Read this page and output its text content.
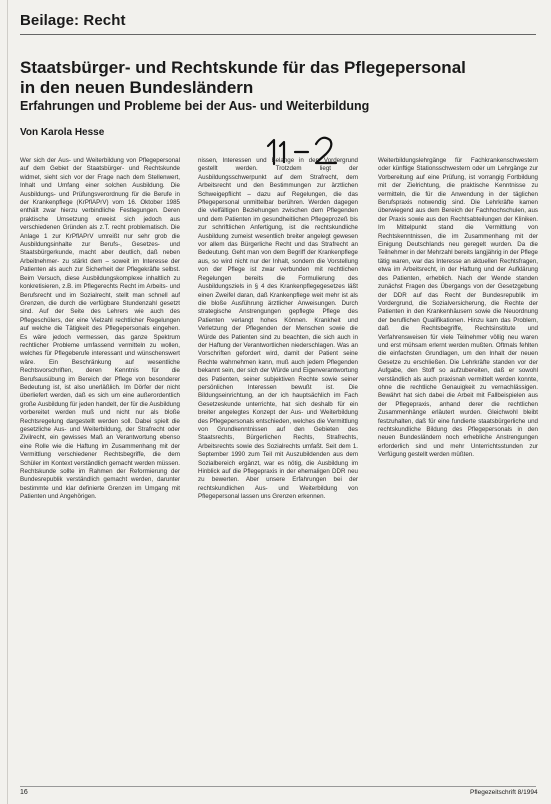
Beilage: Recht
Staatsbürger- und Rechtskunde für das Pflegepersonal
in den neuen Bundesländern
Erfahrungen und Probleme bei der Aus- und Weiterbildung
Von Karola Hesse

Wer sich der Aus- und Weiterbildung von Pflegepersonal auf dem Gebiet der Staatsbürger- und Rechtskunde widmet, sieht sich vor der Frage nach dem Stellenwert, Inhalt und Umfang einer solchen Ausbildung. Die Ausbildungs- und Prüfungsverordnung für die Berufe in der Krankenpflege (KrPflAPrV) vom 16. Oktober 1985 enthält zwar hierzu verbindliche Festlegungen. Deren praktische Umsetzung erweist sich jedoch aus verschiedenen Gründen als z.T. recht problematisch. Die Anlage 1 zur KrPflAPrV umreißt nur sehr grob die Ausbildungsinhalte zur Berufs-, Gesetzes- und Staatsbürgerkunde, macht aber deutlich, daß neben Arbeitnehmer- zu stärkt dem – soweit im Interesse der Patienten als auch zur Sicherheit der Pflegekräfte selbst. Beim Versuch, diese Ausbildungskomplexe inhaltlich zu konkretisieren, z.B. im Pflegerechts Recht im Arbeits- und Berufsrecht und im Sozialrecht, stellt man schnell auf Grenzen, die durch die verfügbare Stundenzahl gesetzt sind. Auf der Seite des Lehrers wie auch des Pflegeschülers, der eine Vielzahl rechtlicher Regelungen auf welche die Tätigkeit des Pflegepersonals eingehen. Es wäre jedoch vermessen, das ganze Spektrum rechtlicher Probleme umfassend vermitteln zu wollen, welches für Pflegeberufe interessant und wünschenswert wäre. Ein Beschränkung auf wesentliche Rechtsvorschriften, deren Kenntnis für die Berufsausübung im Bereich der Pflege von besonderer Bedeutung ist, ist also unerläßlich. Im Dörfer der nicht überliefert werden, daß es sich um eine außerordentlich große Ausbildung für jeden handelt, der für die Ausbildung vorbereitet werden muß und nicht nur als bloße Rechtsregelung dargestellt werden soll. Dabei spielt die gesetzliche Aus- und Weiterbildung, der Strafrecht oder Zivilrecht, ein gewisses Maß an Verantwortung ebenso eine Rolle wie die Haftung im Zusammenhang mit der Vermittlung verschiedener Rechtsbegriffe, die dem Schüler im Kontext verständlich gemacht werden müssen. Rechtskunde sollte im Rahmen der Reformierung der Bundesrepublik verständlich gemacht werden, darunter bestimmte und klar definierte Grenzen im Umgang mit Patienten und Angehörigen.

nissen, Interessen und Belange in den Vordergrund gestellt werden. Trotzdem liegt der Ausbildungsschwerpunkt auf dem Strafrecht, dem Arbeitsrecht und den Bestimmungen zur ärztlichen Schweigepflicht – dazu auf Regelungen, die das Pflegepersonal unmittelbar berühren. Werden dagegen die vielfältigen Beziehungen zwischen dem Pflegenden und dem Patienten im gesundheitlichen Pflegeprozeß bis zur schriftlichen Anfertigung, ist die rechtskundliche Ausbildung zumeist wesentlich breiter angelegt gewesen vor allem das Bürgerliche Recht und das Strafrecht an Bedeutung. Geht man von dem Begriff der Krankenpflege aus, so wird nicht nur der Inhalt, sondern die Vorstellung von der Pflege ist zwar verbunden mit rechtlichen Regelungen bereits die Formulierung des Ausbildungsziels in § 4 des Krankenpflegegesetzes läßt einen Zweifel daran, daß Krankenpflege weit mehr ist als die bloße Ausführung ärztlicher Anweisungen. Durch strategische Anstrengungen gepflegte Pflege des Patienten verlangt hohes Können. Krankheit und Verletzung der Pflegenden der Menschen sowie die Würde des Patienten sind zu beachten, die sich auch in der Haftung der Verantwortlichen niederschlagen. Was an Vorschriften gefordert wird, damit der Patient seine Rechte wahrnehmen kann, muß auch jedem Pflegenden bekannt sein, der sich der Würde und Eigenverantwortung des Patienten, seiner subjektiven Rechte sowie seiner persönlichen Interessen bewußt ist. Die Bildungseinrichtung, an der ich hauptsächlich im Fach Gesetzeskunde unterrichte, hat sich deshalb für ein breiter angelegtes Konzept der Aus- und Weiterbildung des Pflegepersonals entschieden, welches die Vermittlung von Grundkenntnissen auf den Gebieten des Staatsrechts, Bürgerlichen Rechts, Strafrechts, Arbeitsrechts sowie des Sozialrechts umfaßt. Seit dem 1. September 1990 zum Teil mit Auszubildenden aus dem Sozialbereich ergänzt, war es nötig, die Ausbildung im Hinblick auf die Pflegepraxis in der ehemaligen DDR neu zu bewerten. Aber unsere Erfahrungen bei der rechtskundlichen Aus- und Weiterbildung von Pflegepersonal lassen uns Grenzen erkennen.

Weiterbildungslehrgänge für Fachkrankenschwestern oder künftige Stationsschwestern oder um Lehrgänge zur Vorbereitung auf eine Prüfung, ist vorrangig Fortbildung mit der Zielrichtung, die praktische Kenntnisse zu vermitteln, die für die Anwendung in der täglichen Berufspraxis notwendig sind. Die Lehrkräfte kamen überwiegend aus dem Bereich der Fachhochschulen, aus der Praxis sowie aus den Rechtsabteilungen der Kliniken. Im Mittelpunkt stand die Vermittlung von Rechtskenntnissen, die im Zusammenhang mit der Einigung Deutschlands neu geregelt wurden. Da die Teilnehmer in der Mehrzahl bereits langjährig in der Pflege tätig waren, war das Interesse an aktuellen Rechtsfragen, etwa im Arbeitsrecht, in der Haftung und der Aufklärung des Patienten, erheblich. Nach der Wende standen zunächst Fragen des Übergangs von der Gesetzgebung der DDR auf das Recht der Bundesrepublik im Vordergrund, die Sozialversicherung, die Rechte der Patienten in den Krankenhäusern sowie die Neuordnung der beruflichen Qualifikationen. Hinzu kam das Problem, daß die Rechtsbegriffe, Rechtsinstitute und Verfahrensweisen für viele Teilnehmer völlig neu waren und erst mühsam erlernt werden mußten. Oftmals fehlten die einfachsten Grundlagen, um den Inhalt der neuen Gesetze zu erschließen. Die Lehrkräfte standen vor der Aufgabe, den Stoff so aufzubereiten, daß er sowohl verständlich als auch praxisnah vermittelt werden konnte, ohne die rechtliche Genauigkeit zu vernachlässigen. Bewährt hat sich dabei die Arbeit mit Fallbeispielen aus der Pflegepraxis, anhand derer die rechtlichen Zusammenhänge erläutert wurden. Gleichwohl bleibt festzuhalten, daß für eine fundierte staatsbürgerliche und rechtskundliche Bildung des Pflegepersonals in den neuen Bundesländern noch erhebliche Anstrengungen erforderlich sind und mehr Unterrichtsstunden zur Verfügung gestellt werden müßten.

16	Pflegezeitschrift 8/1994
